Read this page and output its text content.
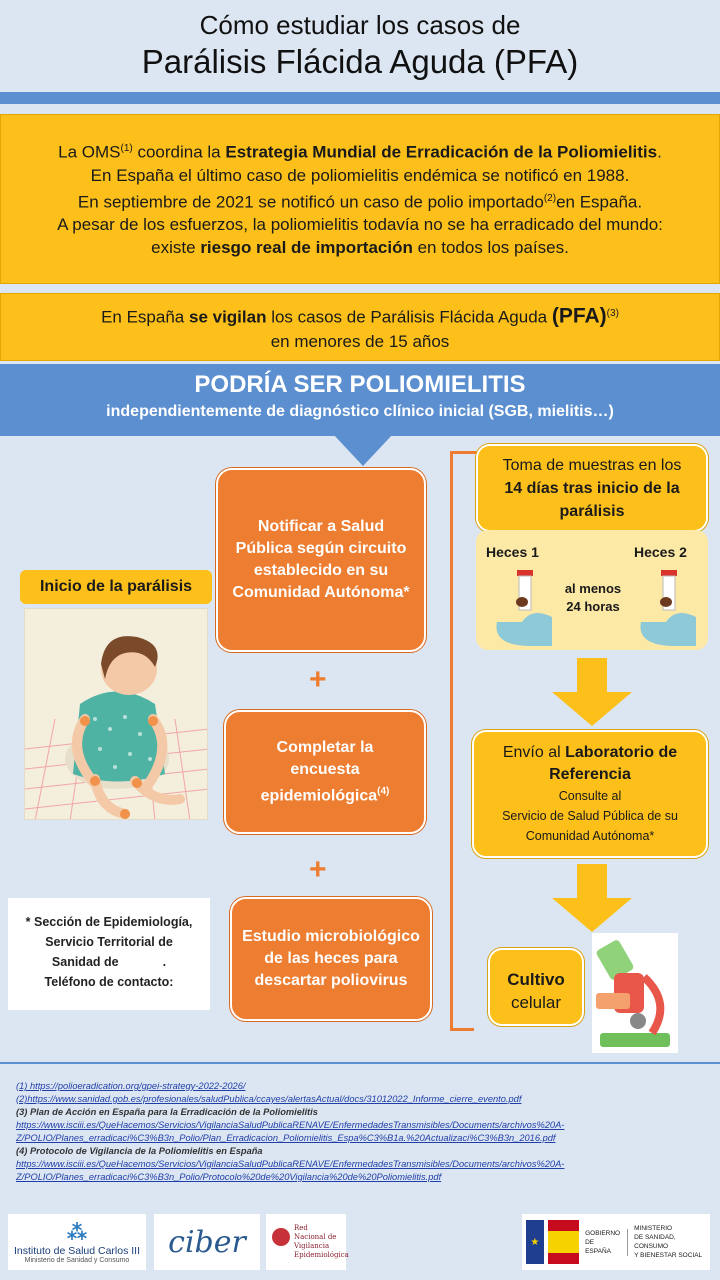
Cómo estudiar los casos de
Parálisis Flácida Aguda (PFA)
La OMS$^{(1)}$ coordina la Estrategia Mundial de Erradicación de la Poliomielitis.
En España el último caso de poliomielitis endémica se notificó en 1988.
En septiembre de 2021 se notificó un caso de polio importado$^{(2)}$en España.
A pesar de los esfuerzos, la poliomielitis todavía no se ha erradicado del mundo:
existe riesgo real de importación en todos los países.
En España se vigilan los casos de Parálisis Flácida Aguda (PFA)$^{(3)}$
en menores de 15 años
PODRÍA SER POLIOMIELITIS
independientemente de diagnóstico clínico inicial (SGB, mielitis…)
Notificar a Salud Pública según circuito establecido en su Comunidad Autónoma*
+
Completar la encuesta epidemiológica$^{(4)}$
+
Estudio microbiológico de las heces para descartar poliovirus
Inicio de la parálisis
* Sección de Epidemiología,
Servicio Territorial de
Sanidad de	.
Teléfono de contacto:
Toma de muestras en los
14 días tras inicio de la parálisis
Heces 1	Heces 2
al menos
24 horas
Envío al Laboratorio de
Referencia
Consulte al
Servicio de Salud Pública de su
Comunidad Autónoma*
Cultivo
celular
(1) https://polioeradication.org/gpei-strategy-2022-2026/
(2)https://www.sanidad.gob.es/profesionales/saludPublica/ccayes/alertasActual/docs/31012022_Informe_cierre_evento.pdf
(3) Plan de Acción en España para la Erradicación de la Poliomielitis
https://www.isciii.es/QueHacemos/Servicios/VigilanciaSaludPublicaRENAVE/EnfermedadesTransmisibles/Documents/archivos%20A-
Z/POLIO/Planes_erradicaci%C3%B3n_Polio/Plan_Erradicacion_Poliomielitis_Espa%C3%B1a.%20Actualizaci%C3%B3n_2016.pdf
(4) Protocolo de Vigilancia de la Poliomielitis en España
https://www.isciii.es/QueHacemos/Servicios/VigilanciaSaludPublicaRENAVE/EnfermedadesTransmisibles/Documents/archivos%20A-
Z/POLIO/Planes_erradicaci%C3%B3n_Polio/Protocolo%20de%20Vigilancia%20de%20Poliomielitis.pdf
⁂
Instituto de Salud Carlos III
Ministerio de Sanidad y Consumo
ciber	Red
Nacional de
Vigilancia
Epidemiológica
★
GOBIERNO
DE ESPAÑA
MINISTERIO
DE SANIDAD, CONSUMO
Y BIENESTAR SOCIAL
